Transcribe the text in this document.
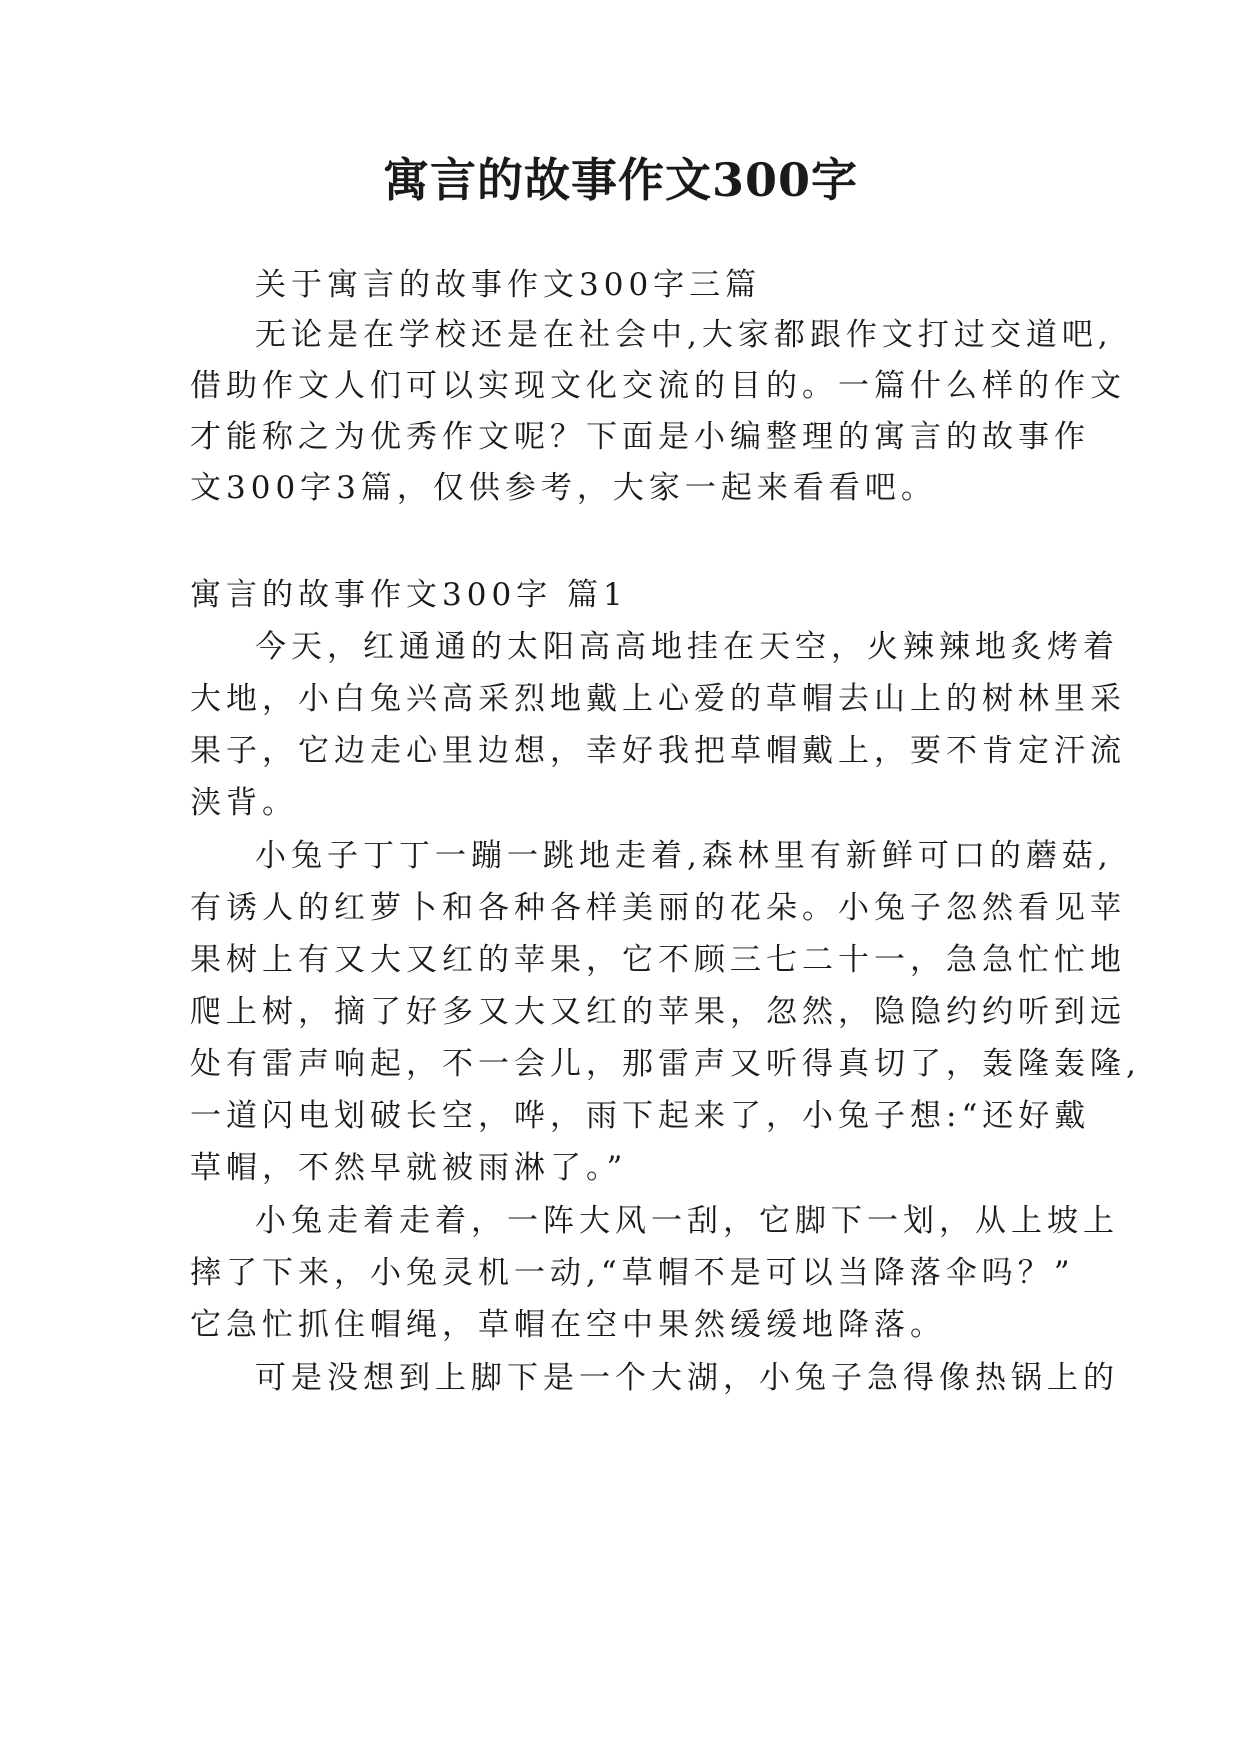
寓言的故事作文300字
关于寓言的故事作文300字三篇
无论是在学校还是在社会中,大家都跟作文打过交道吧,
借助作文人们可以实现文化交流的目的。一篇什么样的作文
才能称之为优秀作文呢？下面是小编整理的寓言的故事作
文300字3篇，仅供参考，大家一起来看看吧。
寓言的故事作文300字 篇1
今天，红通通的太阳高高地挂在天空，火辣辣地炙烤着
大地，小白兔兴高采烈地戴上心爱的草帽去山上的树林里采
果子，它边走心里边想，幸好我把草帽戴上，要不肯定汗流
浃背。
小兔子丁丁一蹦一跳地走着,森林里有新鲜可口的蘑菇,
有诱人的红萝卜和各种各样美丽的花朵。小兔子忽然看见苹
果树上有又大又红的苹果，它不顾三七二十一，急急忙忙地
爬上树，摘了好多又大又红的苹果，忽然，隐隐约约听到远
处有雷声响起，不一会儿，那雷声又听得真切了，轰隆轰隆,
一道闪电划破长空，哗，雨下起来了，小兔子想:“还好戴
草帽，不然早就被雨淋了。”
小兔走着走着，一阵大风一刮，它脚下一划，从上坡上
摔了下来，小兔灵机一动,“草帽不是可以当降落伞吗？”
它急忙抓住帽绳，草帽在空中果然缓缓地降落。
可是没想到上脚下是一个大湖，小兔子急得像热锅上的
